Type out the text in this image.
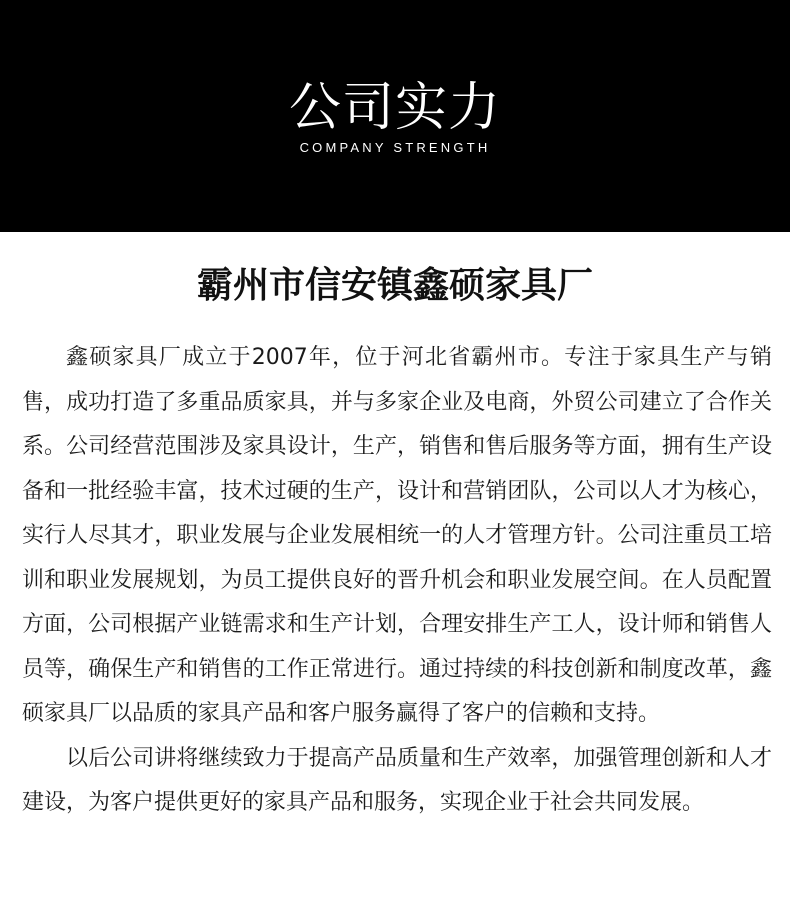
公司实力
COMPANY STRENGTH
霸州市信安镇鑫硕家具厂

鑫硕家具厂成立于2007年，位于河北省霸州市。专注于家具生产与销售，成功打造了多重品质家具，并与多家企业及电商，外贸公司建立了合作关系。公司经营范围涉及家具设计，生产，销售和售后服务等方面，拥有生产设备和一批经验丰富，技术过硬的生产，设计和营销团队，公司以人才为核心，实行人尽其才，职业发展与企业发展相统一的人才管理方针。公司注重员工培训和职业发展规划，为员工提供良好的晋升机会和职业发展空间。在人员配置方面，公司根据产业链需求和生产计划，合理安排生产工人，设计师和销售人员等，确保生产和销售的工作正常进行。通过持续的科技创新和制度改革，鑫硕家具厂以品质的家具产品和客户服务赢得了客户的信赖和支持。

以后公司讲将继续致力于提高产品质量和生产效率，加强管理创新和人才建设，为客户提供更好的家具产品和服务，实现企业于社会共同发展。
